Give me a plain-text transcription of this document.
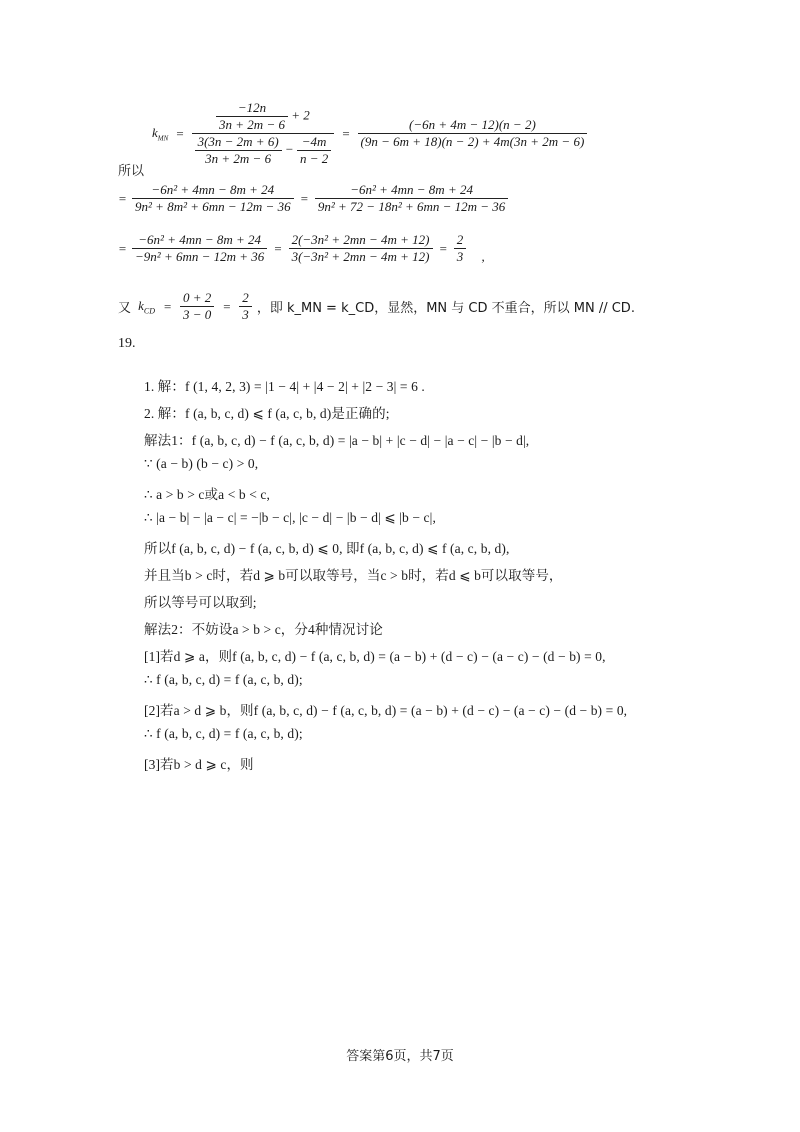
$k_{MN} = \frac{-12n}{3n + 2m - 6} + 2$
$\frac{3(3n - 2m + 6)}{3n + 2m - 6} - \frac{-4m}{n - 2}$
= $\frac{(-6n + 4m - 12)(n - 2)}{(9n - 6m + 18)(n - 2) + 4m(3n + 2m - 6)}$
所以
= $\frac{\text{−6n² + 4mn − 8m + 24}}{\text{9n² + 8m² + 6mn − 12m − 36}} = \frac{\text{−6n² + 4mn − 8m + 24}}{\text{9n² + 72 − 18n² + 6mn − 12m − 36}}$
= $\frac{\text{−6n² + 4mn − 8m + 24}}{\text{−9n² + 6mn − 12m + 36}} = \frac{\text{2(−3n² + 2mn − 4m + 12)}}{\text{3(−3n² + 2mn − 4m + 12)}} = \frac{2}{3}$ ,
又 $k_{CD} = \frac{0 + 2}{3 - 0} = \frac{2}{3}$ ，即 k_MN = k_CD，显然，MN 与 CD 不重合，所以 MN // CD.
19.
1. 解：f (1, 4, 2, 3) = |1 − 4| + |4 − 2| + |2 − 3| = 6 .
2. 解：f (a, b, c, d) ⩽ f (a, c, b, d)是正确的;
解法1：f (a, b, c, d) − f (a, c, b, d) = |a − b| + |c − d| − |a − c| − |b − d|,
∵ (a − b) (b − c) > 0,
∴ a > b > c或a < b < c,
∴ |a − b| − |a − c| = −|b − c|, |c − d| − |b − d| ⩽ |b − c|,
所以f (a, b, c, d) − f (a, c, b, d) ⩽ 0, 即f (a, b, c, d) ⩽ f (a, c, b, d),
并且当b > c时，若d ⩾ b可以取等号，当c > b时，若d ⩽ b可以取等号，
所以等号可以取到;
解法2：不妨设a > b > c，分4种情况讨论
[1]若d ⩾ a，则f (a, b, c, d) − f (a, c, b, d) = (a − b) + (d − c) − (a − c) − (d − b) = 0,
∴ f (a, b, c, d) = f (a, c, b, d);
[2]若a > d ⩾ b，则f (a, b, c, d) − f (a, c, b, d) = (a − b) + (d − c) − (a − c) − (d − b) = 0,
∴ f (a, b, c, d) = f (a, c, b, d);
[3]若b > d ⩾ c，则
答案第6页，共7页
